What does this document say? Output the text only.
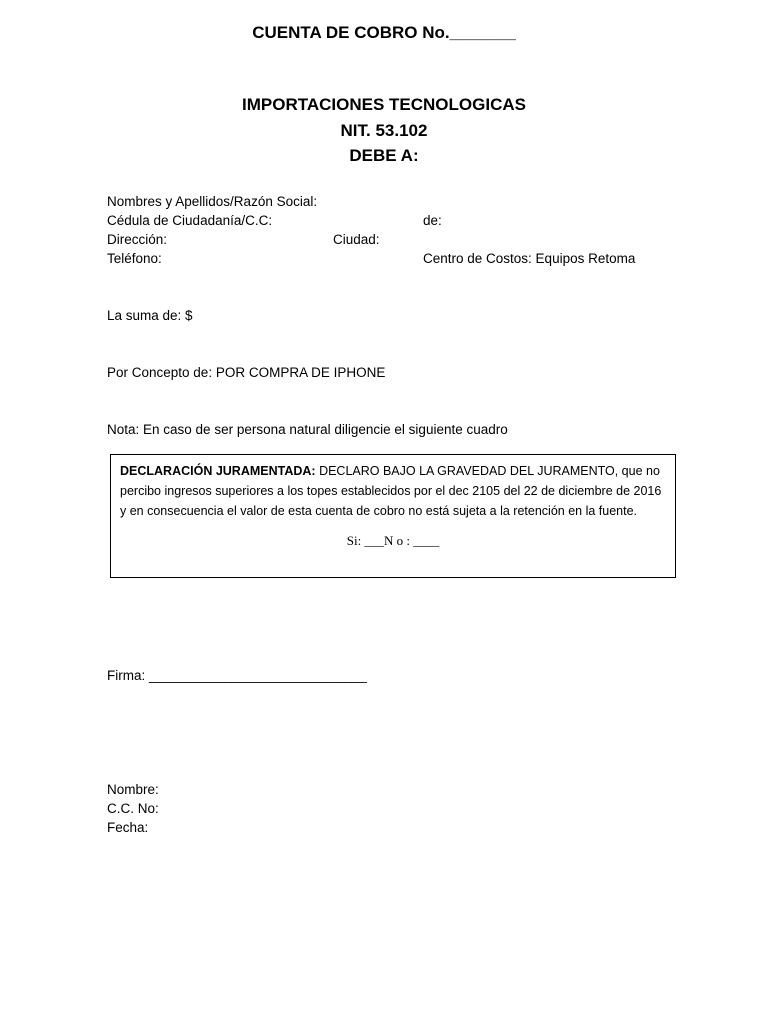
CUENTA DE COBRO No._______
IMPORTACIONES TECNOLOGICAS
NIT. 53.102
DEBE A:
Nombres y Apellidos/Razón Social:
Cédula de Ciudadanía/C.C:	de:
Dirección:	Ciudad:
Teléfono:	Centro de Costos: Equipos Retoma
La suma de: $
Por Concepto de: POR COMPRA DE IPHONE
Nota: En caso de ser persona natural diligencie el siguiente cuadro
DECLARACIÓN JURAMENTADA: DECLARO BAJO LA GRAVEDAD DEL JURAMENTO, que no percibo ingresos superiores a los topes establecidos por el dec 2105 del 22 de diciembre de 2016 y en consecuencia el valor de esta cuenta de cobro no está sujeta a la retención en la fuente.
Si: ___N o : ____
Firma: _____________________________
Nombre:
C.C. No:
Fecha:
